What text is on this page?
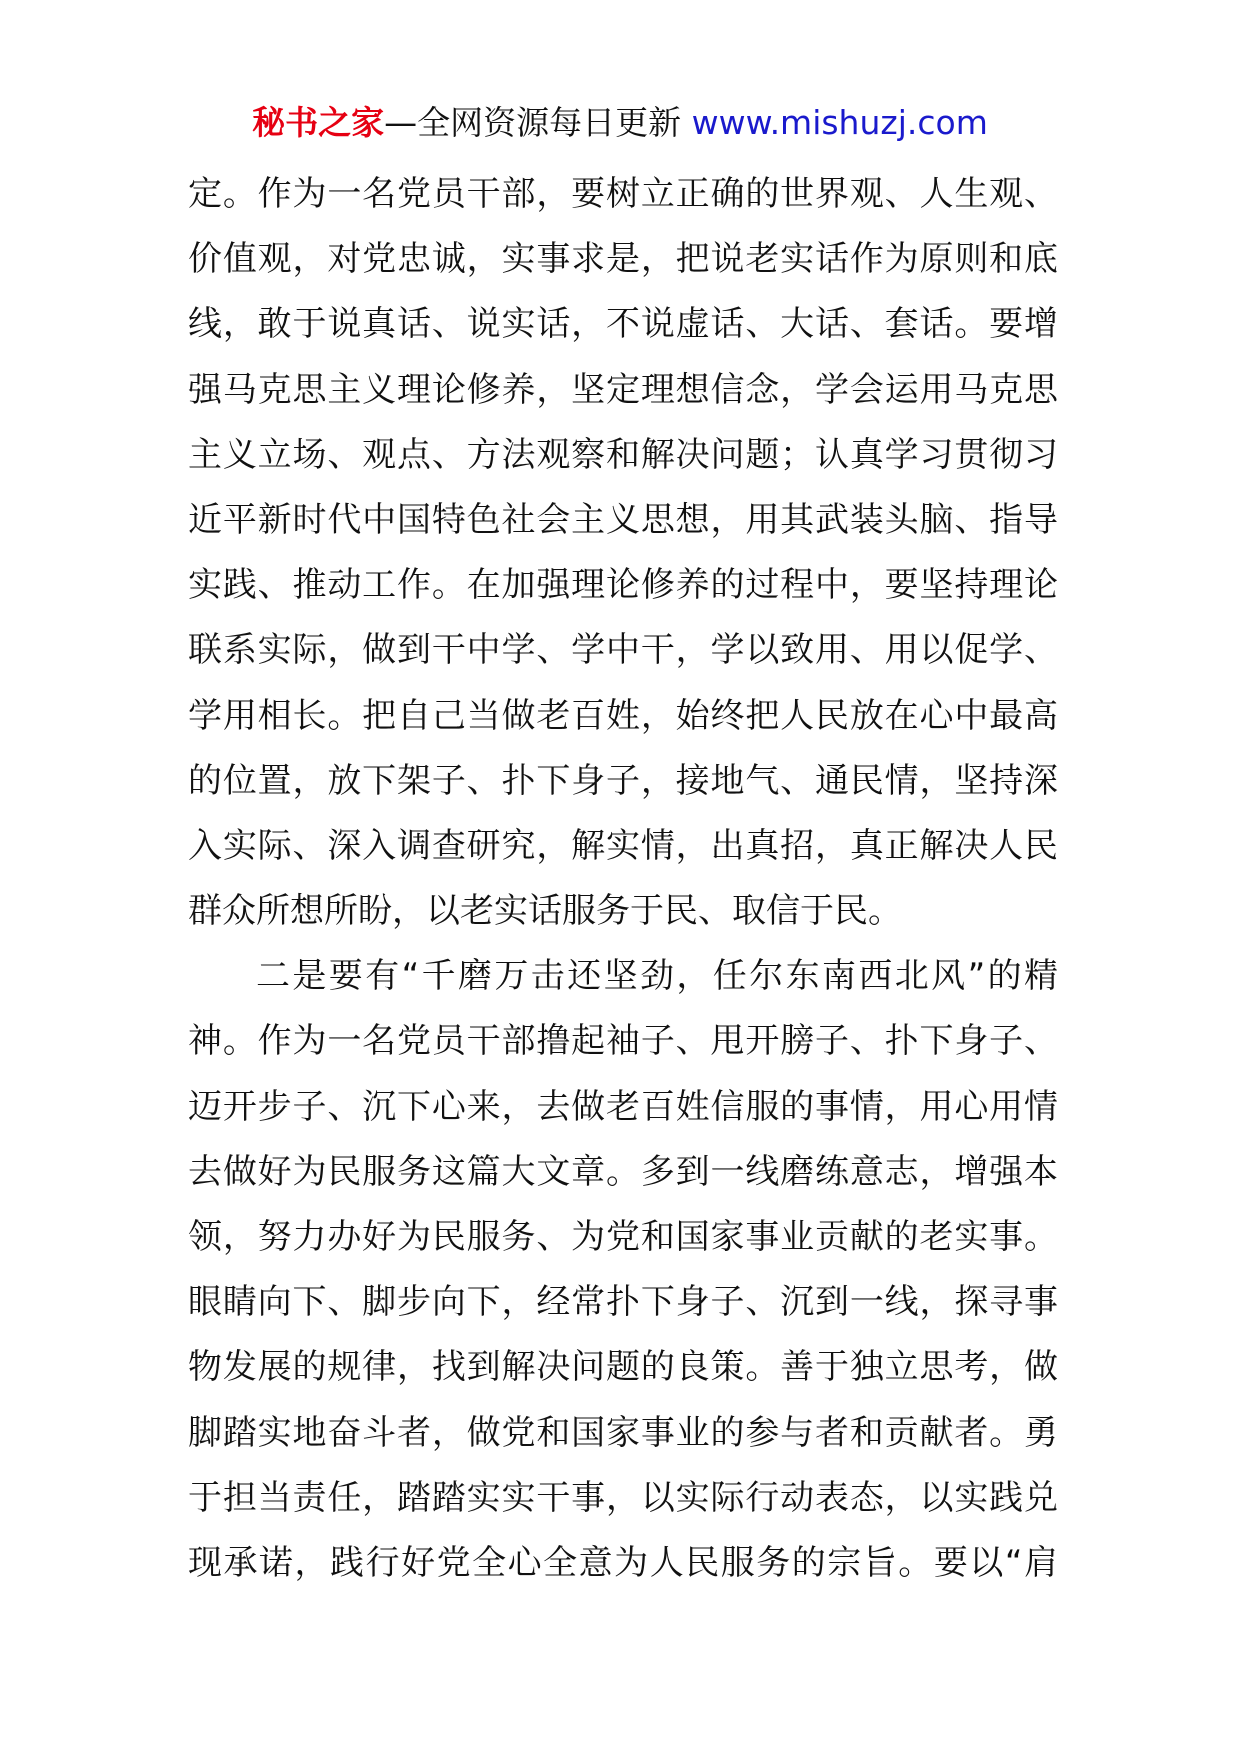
秘书之家—全网资源每日更新 www.mishuzj.com
定。作为一名党员干部，要树立正确的世界观、人生观、
价值观，对党忠诚，实事求是，把说老实话作为原则和底
线，敢于说真话、说实话，不说虚话、大话、套话。要增
强马克思主义理论修养，坚定理想信念，学会运用马克思
主义立场、观点、方法观察和解决问题；认真学习贯彻习
近平新时代中国特色社会主义思想，用其武装头脑、指导
实践、推动工作。在加强理论修养的过程中，要坚持理论
联系实际，做到干中学、学中干，学以致用、用以促学、
学用相长。把自己当做老百姓，始终把人民放在心中最高
的位置，放下架子、扑下身子，接地气、通民情，坚持深
入实际、深入调查研究，解实情，出真招，真正解决人民
群众所想所盼，以老实话服务于民、取信于民。
二是要有“千磨万击还坚劲，任尔东南西北风”的精
神。作为一名党员干部撸起袖子、甩开膀子、扑下身子、
迈开步子、沉下心来，去做老百姓信服的事情，用心用情
去做好为民服务这篇大文章。多到一线磨练意志，增强本
领，努力办好为民服务、为党和国家事业贡献的老实事。
眼睛向下、脚步向下，经常扑下身子、沉到一线，探寻事
物发展的规律，找到解决问题的良策。善于独立思考，做
脚踏实地奋斗者，做党和国家事业的参与者和贡献者。勇
于担当责任，踏踏实实干事，以实际行动表态，以实践兑
现承诺，践行好党全心全意为人民服务的宗旨。要以“肩
